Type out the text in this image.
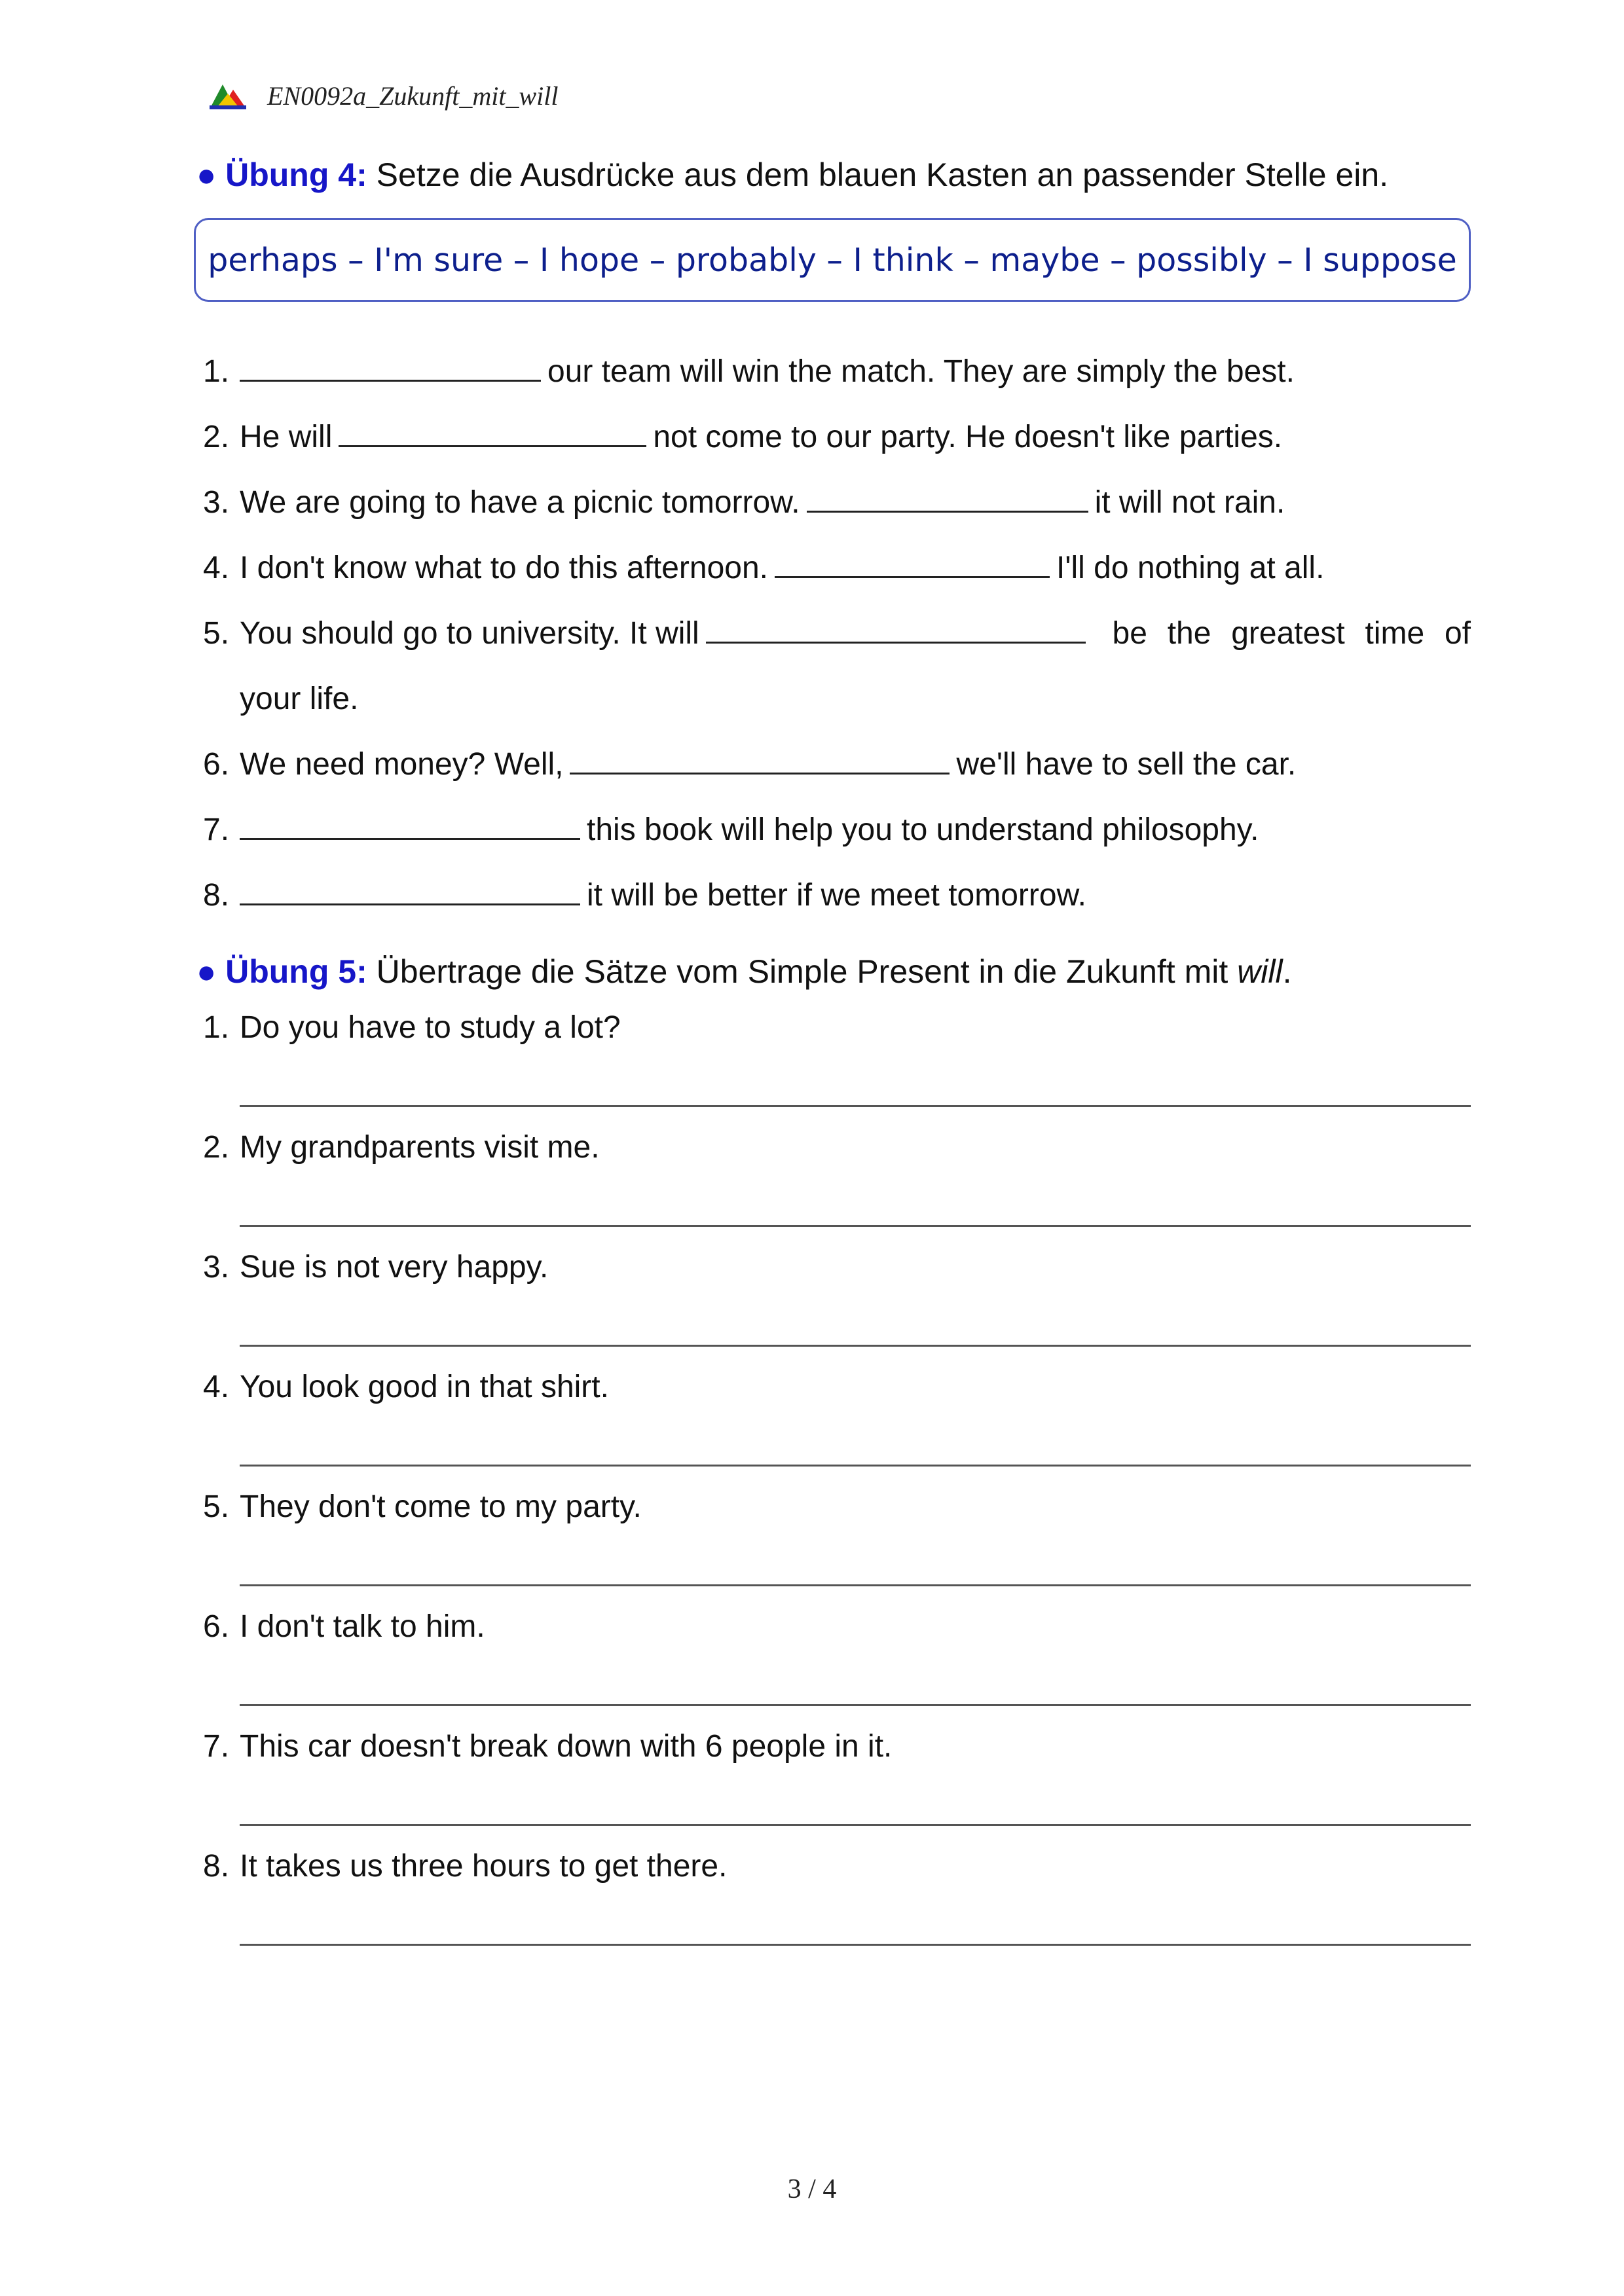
EN0092a_Zukunft_mit_will
● Übung 4: Setze die Ausdrücke aus dem blauen Kasten an passender Stelle ein.
perhaps – I'm sure – I hope – probably – I think – maybe – possibly – I suppose
1.	our team will win the match. They are simply the best.
2. He will	not come to our party. He doesn't like parties.
3. We are going to have a picnic tomorrow.	it will not rain.
4. I don't know what to do this afternoon.	I'll do nothing at all.
5. You should go to university. It will	be the greatest time of
your life.
6. We need money? Well,	we'll have to sell the car.
7.	this book will help you to understand philosophy.
8.	it will be better if we meet tomorrow.
● Übung 5: Übertrage die Sätze vom Simple Present in die Zukunft mit will.
1. Do you have to study a lot?
2. My grandparents visit me.
3. Sue is not very happy.
4. You look good in that shirt.
5. They don't come to my party.
6. I don't talk to him.
7. This car doesn't break down with 6 people in it.
8. It takes us three hours to get there.
3 / 4
